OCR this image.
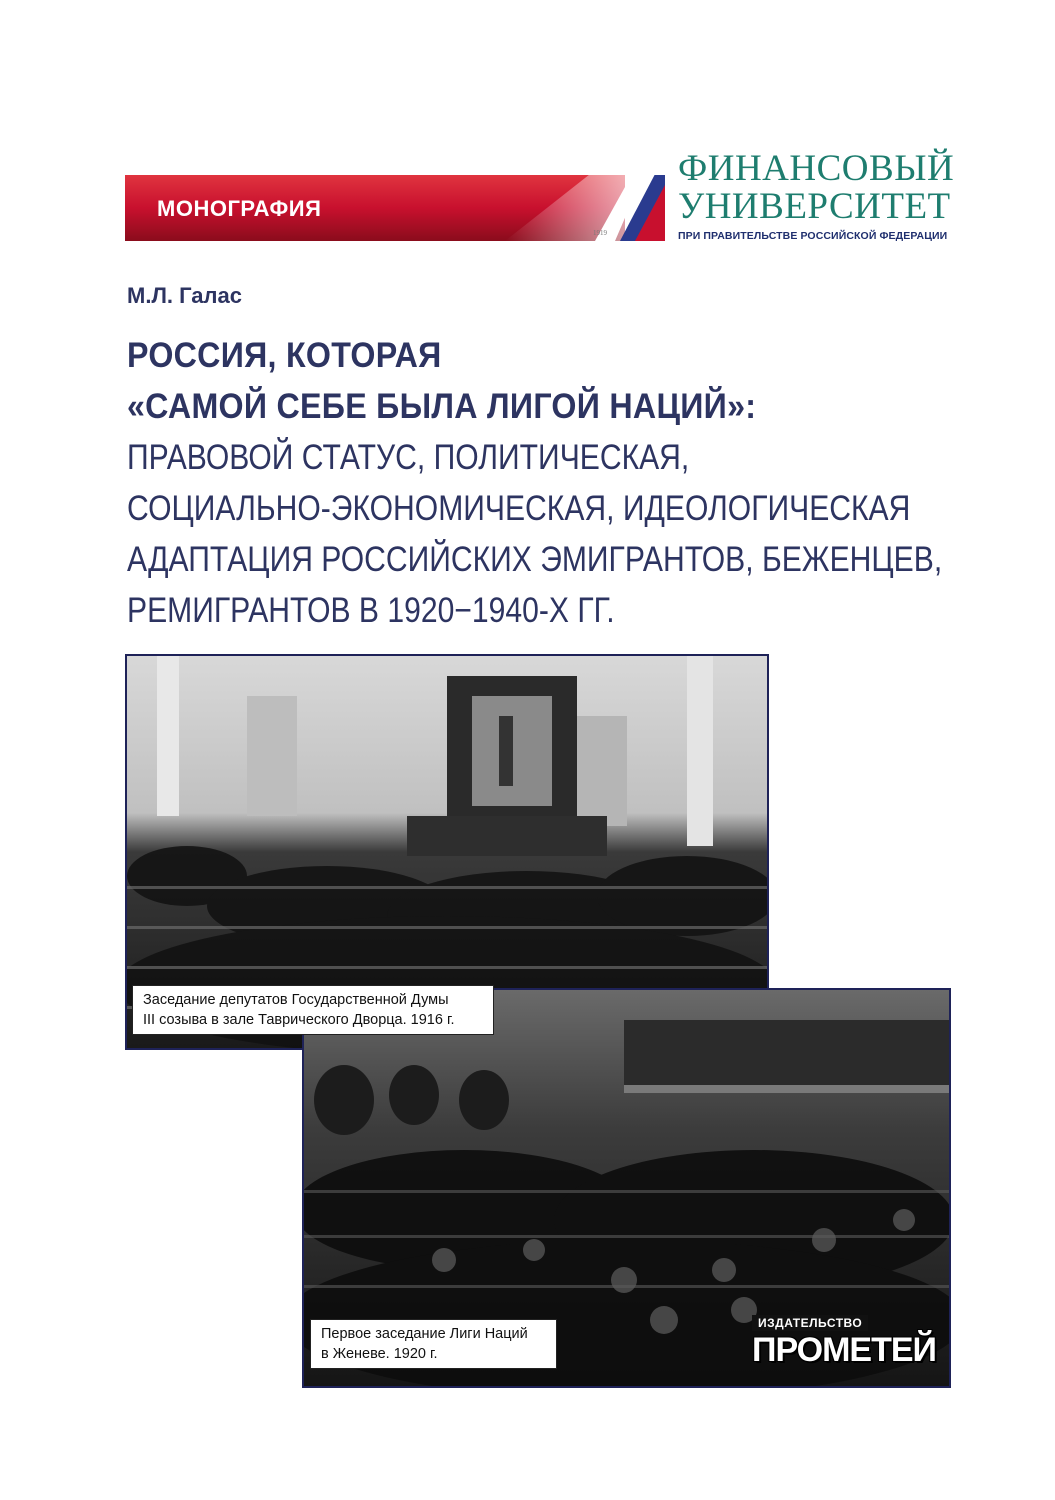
МОНОГРАФИЯ
1919
ФИНАНСОВЫЙ
УНИВЕРСИТЕТ
ПРИ ПРАВИТЕЛЬСТВЕ РОССИЙСКОЙ ФЕДЕРАЦИИ
М.Л. Галас
РОССИЯ, КОТОРАЯ
«САМОЙ СЕБЕ БЫЛА ЛИГОЙ НАЦИЙ»:
ПРАВОВОЙ СТАТУС, ПОЛИТИЧЕСКАЯ,
СОЦИАЛЬНО-ЭКОНОМИЧЕСКАЯ, ИДЕОЛОГИЧЕСКАЯ
АДАПТАЦИЯ РОССИЙСКИХ ЭМИГРАНТОВ, БЕЖЕНЦЕВ,
РЕМИГРАНТОВ В 1920−1940-Х ГГ.
Заседание депутатов Государственной Думы
III созыва в зале Таврического Дворца. 1916 г.
Первое заседание Лиги Наций
в Женеве. 1920 г.
ИЗДАТЕЛЬСТВО
ПРОМЕТЕЙ
